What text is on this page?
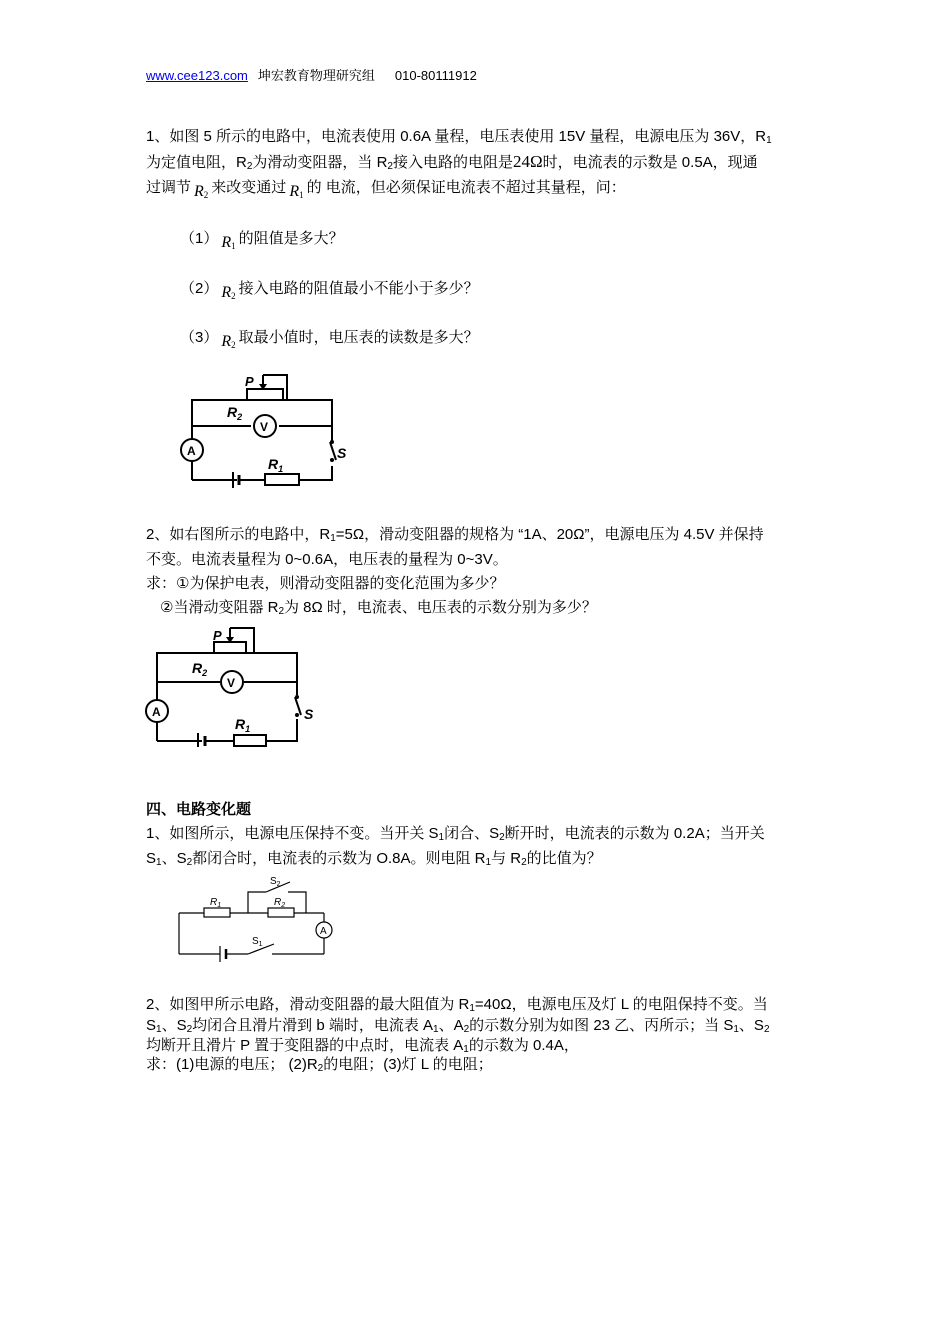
www.cee123.com 坤宏教育物理研究组 010-80111912
1、如图 5 所示的电路中，电流表使用 0.6A 量程，电压表使用 15V 量程，电源电压为 36V，$R_1$
为定值电阻，$R_2$为滑动变阻器，当 $R_2$接入电路的电阻是24Ω时，电流表的示数是 0.5A，现通
过调节 $R_2$ 来改变通过 $R_1$ 的 电流，但必须保证电流表不超过其量程，问：
（1） $R_1$ 的阻值是多大？
（2） $R_2$ 接入电路的阻值最小不能小于多少？
（3） $R_2$ 取最小值时，电压表的读数是多大？
P
$R_2$
V
A
$R_1$
S
2、如右图所示的电路中，$R_1=5\Omega$，滑动变阻器的规格为 “1A、20Ω”，电源电压为 4.5V 并保持
不变。电流表量程为 0~0.6A，电压表的量程为 0~3V。
求：①为保护电表，则滑动变阻器的变化范围为多少？
②当滑动变阻器 $R_2$为 8Ω 时，电流表、电压表的示数分别为多少？
P
$R_2$
V
A
$R_1$
S
四、电路变化题
1、如图所示，电源电压保持不变。当开关 $S_1$闭合、$S_2$断开时，电流表的示数为 0.2A；当开关
$S_1$、$S_2$都闭合时，电流表的示数为 O.8A。则电阻 $R_1$与 $R_2$的比值为？
$S_2$
$R_1$	$R_2$
A
$S_1$
2、如图甲所示电路，滑动变阻器的最大阻值为 $R_1=40\Omega$，电源电压及灯 L 的电阻保持不变。当
$S_1$、$S_2$均闭合且滑片滑到 b 端时，电流表 $A_1$、$A_2$的示数分别为如图 23 乙、丙所示；当 $S_1$、$S_2$
均断开且滑片 P 置于变阻器的中点时，电流表 $A_1$的示数为 0.4A，
求：(1)电源的电压； $(2)R_2$的电阻；(3)灯 L 的电阻；
